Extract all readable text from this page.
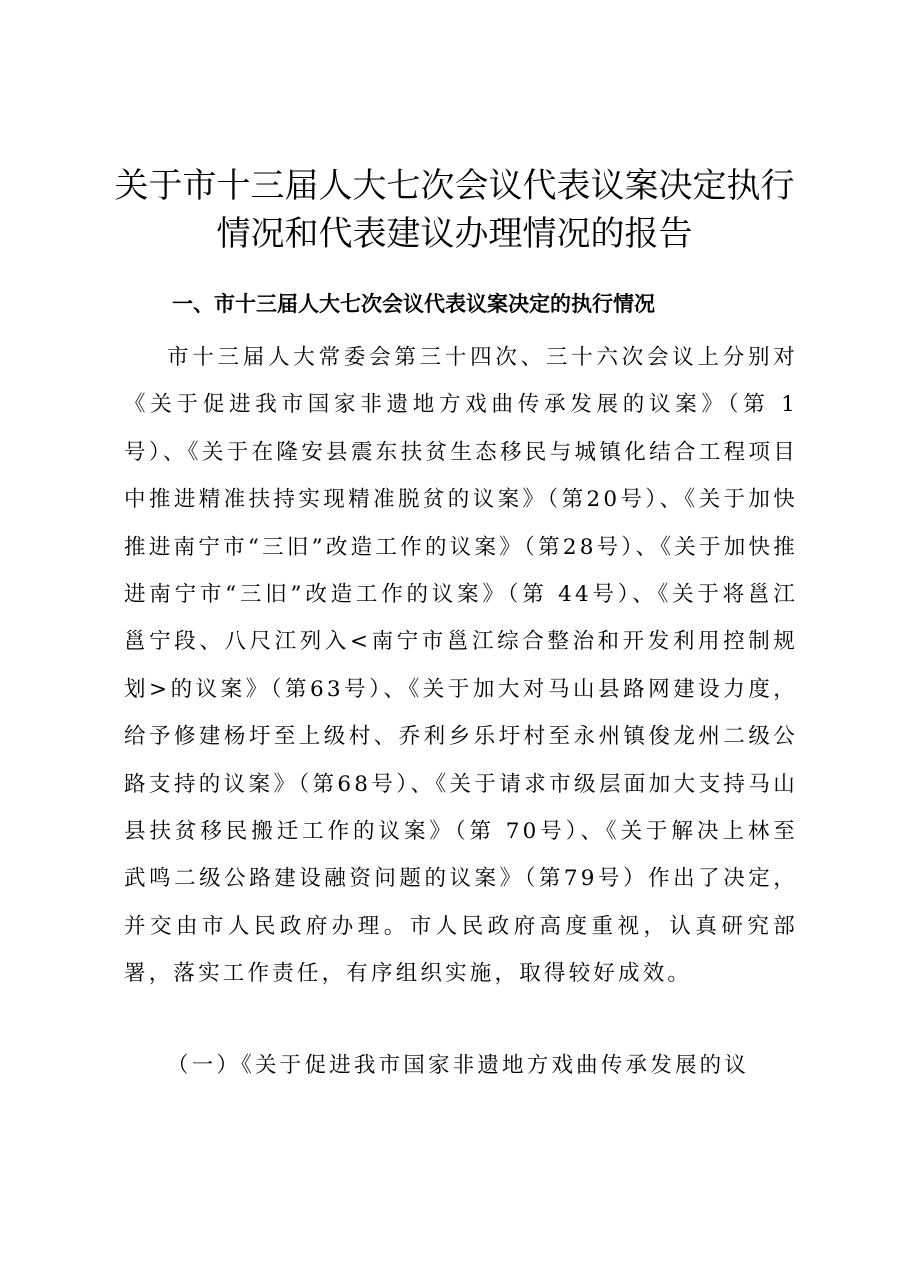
关于市十三届人大七次会议代表议案决定执行
情况和代表建议办理情况的报告
一、市十三届人大七次会议代表议案决定的执行情况
市十三届人大常委会第三十四次、三十六次会议上分别对《关于促进我市国家非遗地方戏曲传承发展的议案》（第 1号）、《关于在隆安县震东扶贫生态移民与城镇化结合工程项目中推进精准扶持实现精准脱贫的议案》（第20号）、《关于加快推进南宁市“三旧”改造工作的议案》（第28号）、《关于加快推进南宁市“三旧”改造工作的议案》（第 44号）、《关于将邕江邕宁段、八尺江列入<南宁市邕江综合整治和开发利用控制规划>的议案》（第63号）、《关于加大对马山县路网建设力度，给予修建杨圩至上级村、乔利乡乐圩村至永州镇俊龙州二级公路支持的议案》（第68号）、《关于请求市级层面加大支持马山县扶贫移民搬迁工作的议案》（第 70号）、《关于解决上林至武鸣二级公路建设融资问题的议案》（第79号）作出了决定，并交由市人民政府办理。市人民政府高度重视，认真研究部署，落实工作责任，有序组织实施，取得较好成效。
（一）《关于促进我市国家非遗地方戏曲传承发展的议
